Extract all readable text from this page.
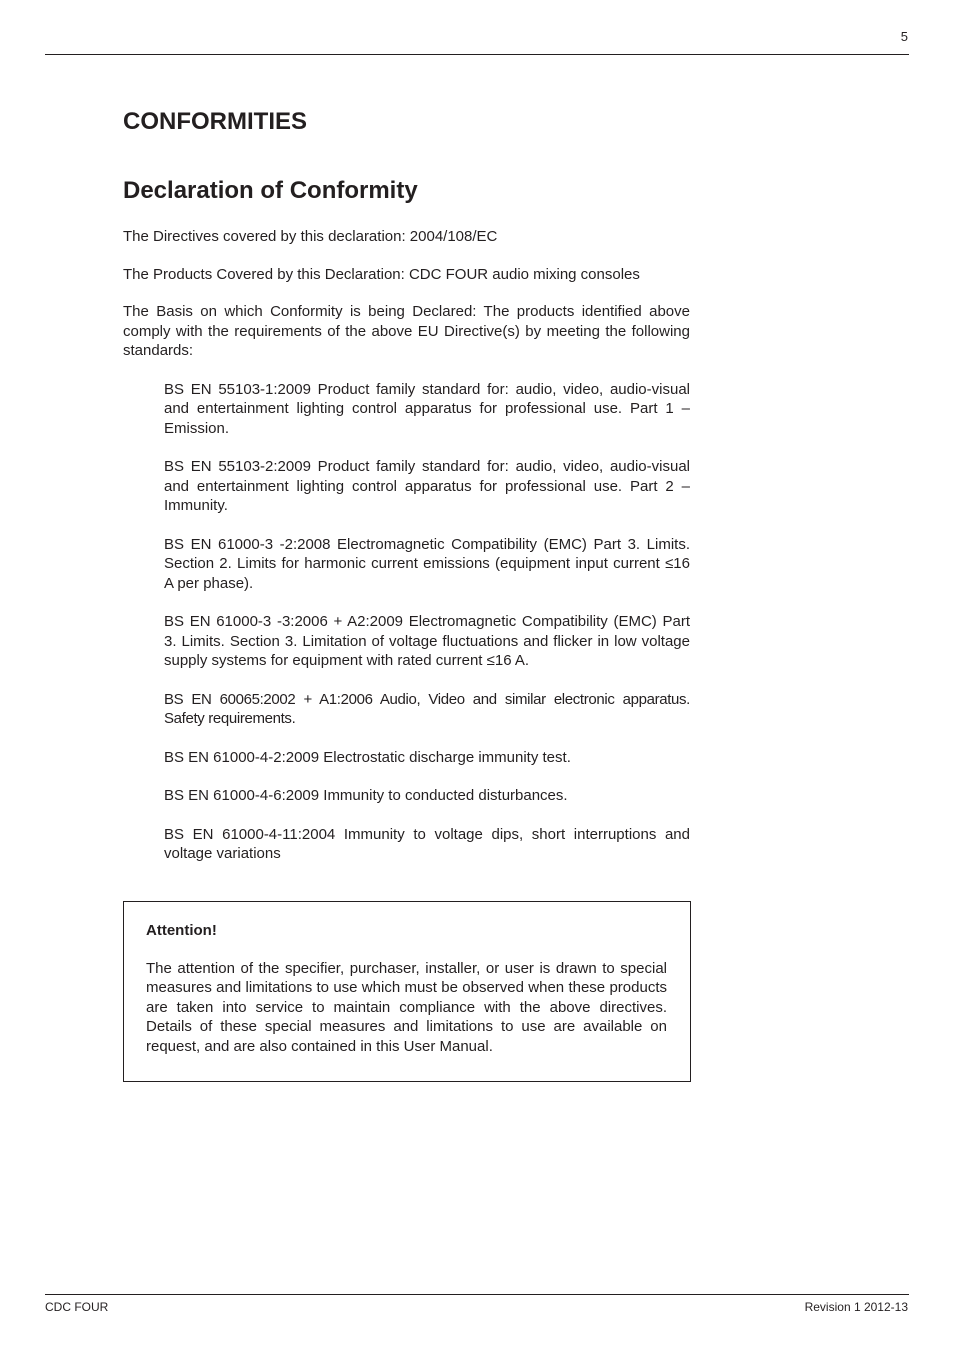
5
CONFORMITIES
Declaration of Conformity

The Directives covered by this declaration: 2004/108/EC

The Products Covered by this Declaration: CDC FOUR audio mixing consoles

The Basis on which Conformity is being Declared: The products identified above comply with the requirements of the above EU Directive(s) by meeting the following standards:

BS EN 55103-1:2009 Product family standard for: audio, video, audio-visual and entertainment lighting control apparatus for professional use. Part 1 – Emission.
BS EN 55103-2:2009 Product family standard for: audio, video, audio-visual and entertainment lighting control apparatus for professional use. Part 2 – Immunity.
BS EN 61000-3 -2:2008 Electromagnetic Compatibility (EMC) Part 3. Limits. Section 2. Limits for harmonic current emissions (equipment input current ≤16 A per phase).
BS EN 61000-3 -3:2006 + A2:2009 Electromagnetic Compatibility (EMC) Part 3. Limits. Section 3. Limitation of voltage fluctuations and flicker in low voltage supply systems for equipment with rated current ≤16 A.
BS EN 60065:2002 + A1:2006 Audio, Video and similar electronic apparatus. Safety requirements.
BS EN 61000-4-2:2009 Electrostatic discharge immunity test.
BS EN 61000-4-6:2009 Immunity to conducted disturbances.
BS EN 61000-4-11:2004 Immunity to voltage dips, short interruptions and voltage variations

Attention!

The attention of the specifier, purchaser, installer, or user is drawn to special measures and limitations to use which must be observed when these products are taken into service to maintain compliance with the above directives. Details of these special measures and limitations to use are available on request, and are also contained in this User Manual.

CDC FOUR	Revision 1 2012-13
